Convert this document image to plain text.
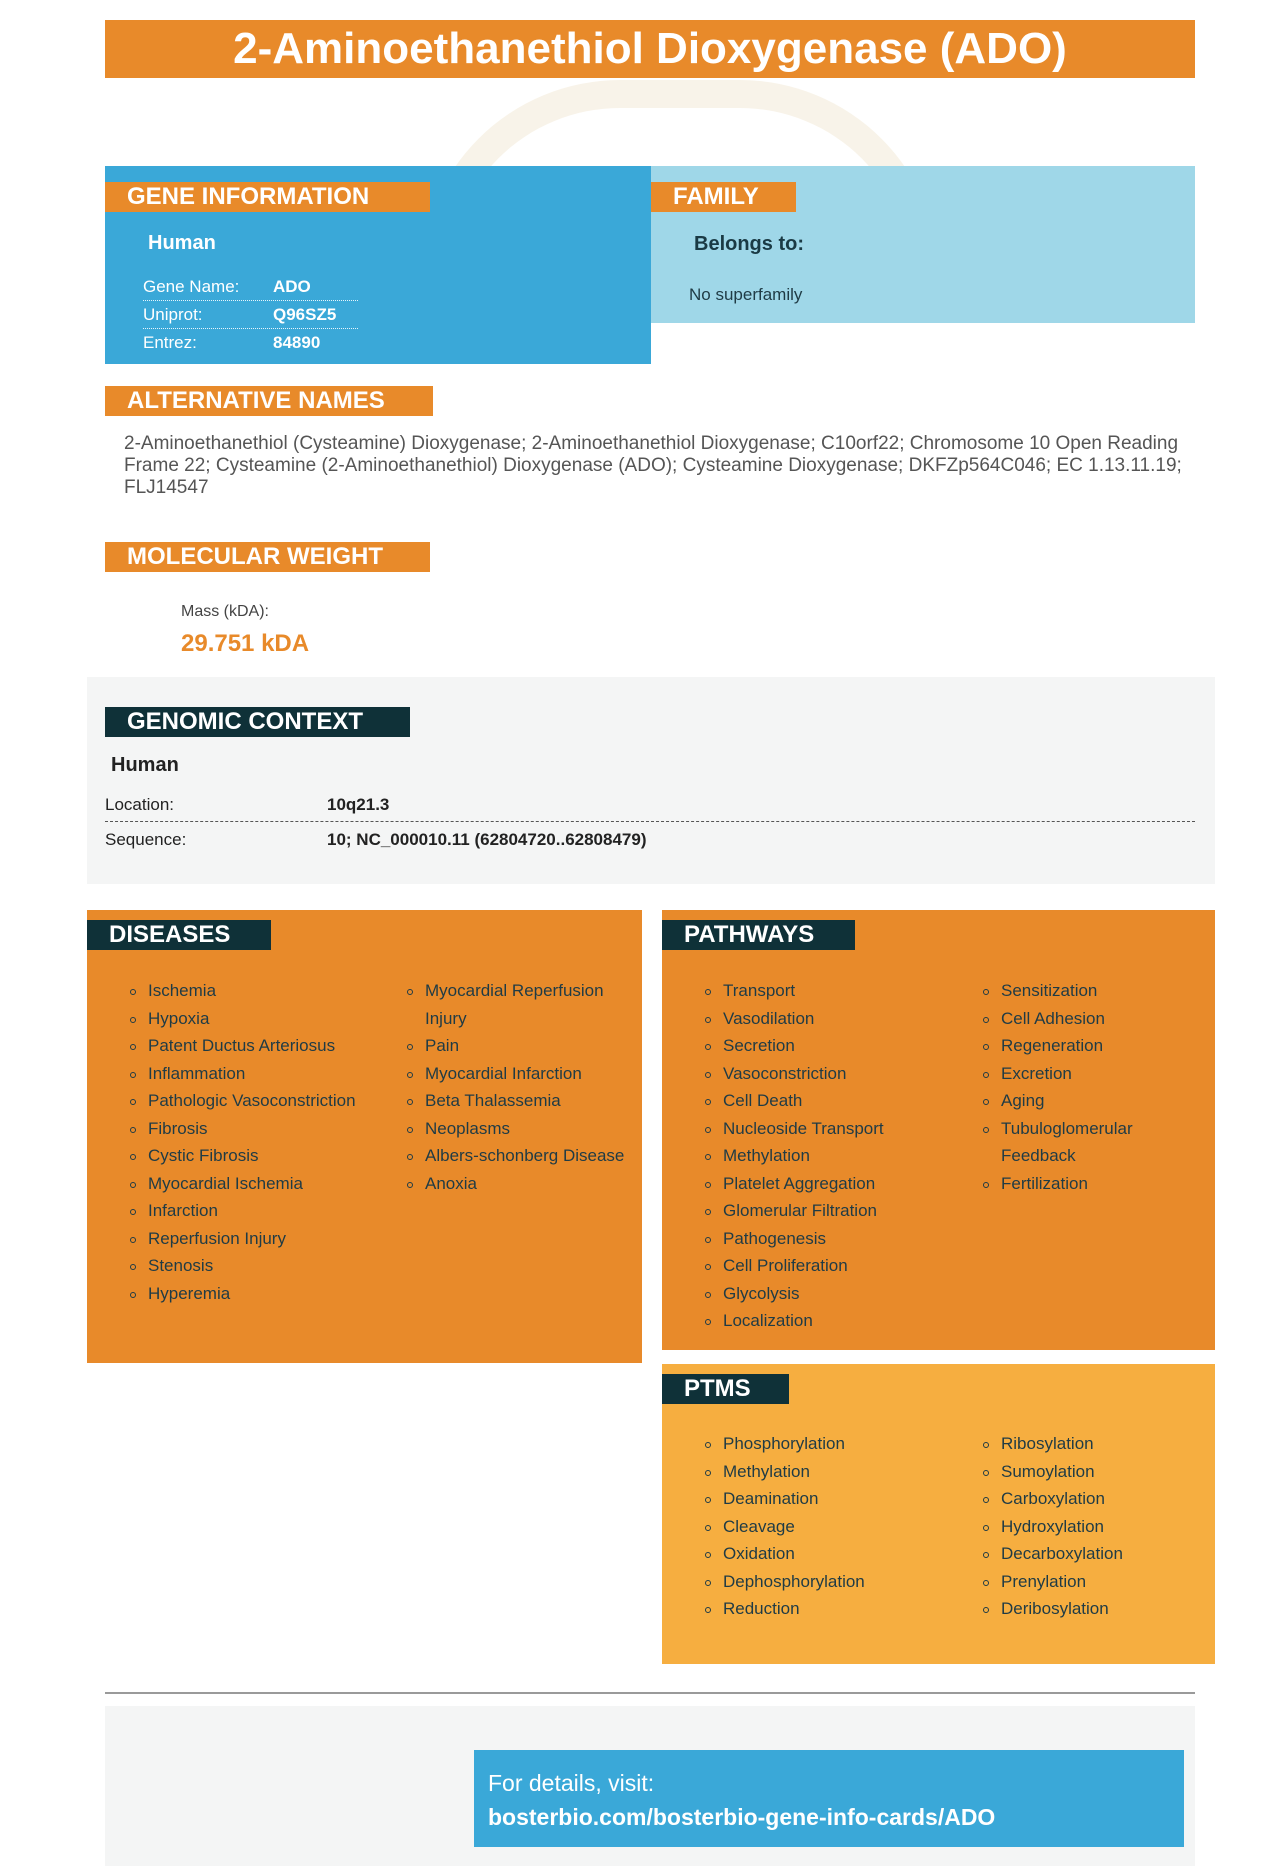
2-Aminoethanethiol Dioxygenase (ADO)
GENE INFORMATION
Human
Gene Name: ADO
Uniprot:	Q96SZ5
Entrez:	84890
FAMILY
Belongs to:
No superfamily
ALTERNATIVE NAMES
2-Aminoethanethiol (Cysteamine) Dioxygenase; 2-Aminoethanethiol Dioxygenase; C10orf22; Chromosome 10 Open Reading Frame 22; Cysteamine (2-Aminoethanethiol) Dioxygenase (ADO); Cysteamine Dioxygenase; DKFZp564C046; EC 1.13.11.19; FLJ14547
MOLECULAR WEIGHT
Mass (kDA):
29.751 kDA
GENOMIC CONTEXT
Human
Location:	10q21.3
Sequence:	10; NC_000010.11 (62804720..62808479)
DISEASES
Ischemia
Hypoxia
Patent Ductus Arteriosus
Inflammation
Pathologic Vasoconstriction
Fibrosis
Cystic Fibrosis
Myocardial Ischemia
Infarction
Reperfusion Injury
Stenosis
Hyperemia
Myocardial Reperfusion Injury
Pain
Myocardial Infarction
Beta Thalassemia
Neoplasms
Albers-schonberg Disease
Anoxia
PATHWAYS
Transport
Vasodilation
Secretion
Vasoconstriction
Cell Death
Nucleoside Transport
Methylation
Platelet Aggregation
Glomerular Filtration
Pathogenesis
Cell Proliferation
Glycolysis
Localization
Sensitization
Cell Adhesion
Regeneration
Excretion
Aging
Tubuloglomerular Feedback
Fertilization
PTMS
Phosphorylation
Methylation
Deamination
Cleavage
Oxidation
Dephosphorylation
Reduction
Ribosylation
Sumoylation
Carboxylation
Hydroxylation
Decarboxylation
Prenylation
Deribosylation
For details, visit:
bosterbio.com/bosterbio-gene-info-cards/ADO
